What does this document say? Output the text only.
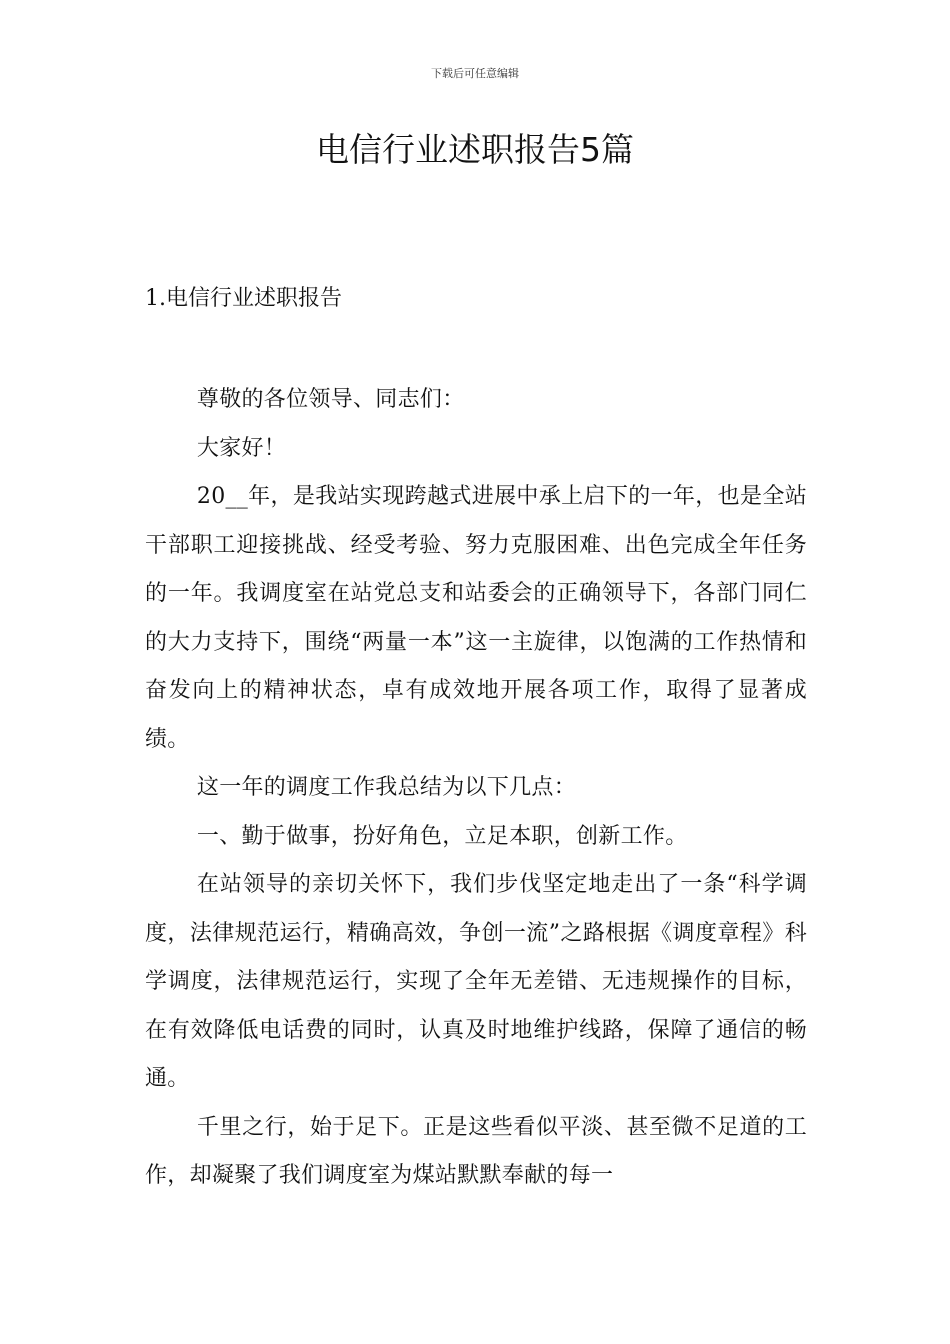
下载后可任意编辑
电信行业述职报告5篇
1.电信行业述职报告

尊敬的各位领导、同志们：

大家好！

20__年，是我站实现跨越式进展中承上启下的一年，也是全站干部职工迎接挑战、经受考验、努力克服困难、出色完成全年任务的一年。我调度室在站党总支和站委会的正确领导下，各部门同仁的大力支持下，围绕“两量一本”这一主旋律，以饱满的工作热情和奋发向上的精神状态，卓有成效地开展各项工作，取得了显著成绩。

这一年的调度工作我总结为以下几点：

一、勤于做事，扮好角色，立足本职，创新工作。

在站领导的亲切关怀下，我们步伐坚定地走出了一条“科学调度，法律规范运行，精确高效，争创一流”之路根据《调度章程》科学调度，法律规范运行，实现了全年无差错、无违规操作的目标，在有效降低电话费的同时，认真及时地维护线路，保障了通信的畅通。

千里之行，始于足下。正是这些看似平淡、甚至微不足道的工作，却凝聚了我们调度室为煤站默默奉献的每一
